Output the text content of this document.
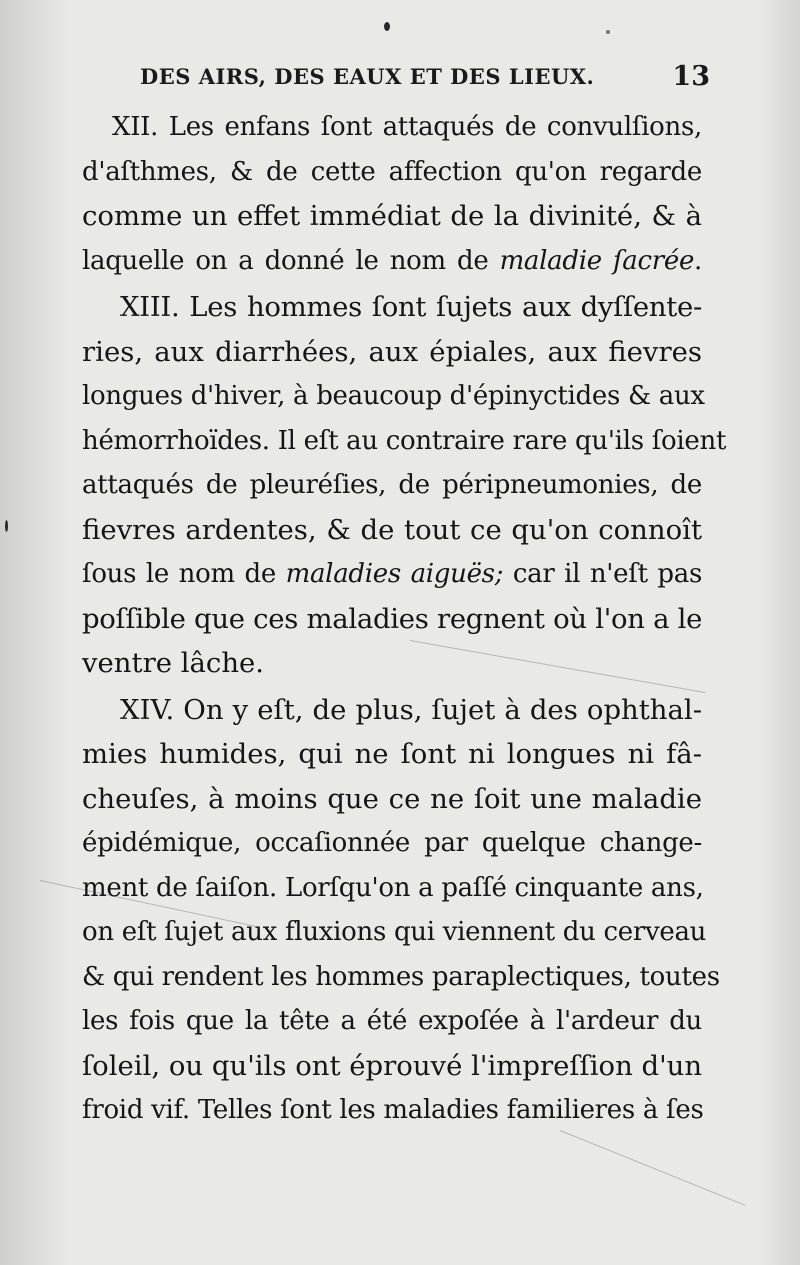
DES AIRS, DES EAUX ET DES LIEUX.	13
XII. Les enfans ſont attaqués de convulſions,
d'aſthmes, & de cette affection qu'on regarde
comme un effet immédiat de la divinité, & à
laquelle on a donné le nom de maladie ſacrée.
XIII. Les hommes ſont ſujets aux dyſſente-
ries, aux diarrhées, aux épiales, aux fievres
longues d'hiver, à beaucoup d'épinyctides & aux
hémorrhoïdes. Il eſt au contraire rare qu'ils ſoient
attaqués de pleuréſies, de péripneumonies, de
fievres ardentes, & de tout ce qu'on connoît
ſous le nom de maladies aiguës; car il n'eſt pas
poſſible que ces maladies regnent où l'on a le
ventre lâche.
XIV. On y eſt, de plus, ſujet à des ophthal-
mies humides, qui ne ſont ni longues ni fâ-
cheuſes, à moins que ce ne ſoit une maladie
épidémique, occaſionnée par quelque change-
ment de ſaiſon. Lorſqu'on a paſſé cinquante ans,
on eſt ſujet aux fluxions qui viennent du cerveau
& qui rendent les hommes paraplectiques, toutes
les fois que la tête a été expoſée à l'ardeur du
ſoleil, ou qu'ils ont éprouvé l'impreſſion d'un
froid vif. Telles ſont les maladies familieres à ſes
